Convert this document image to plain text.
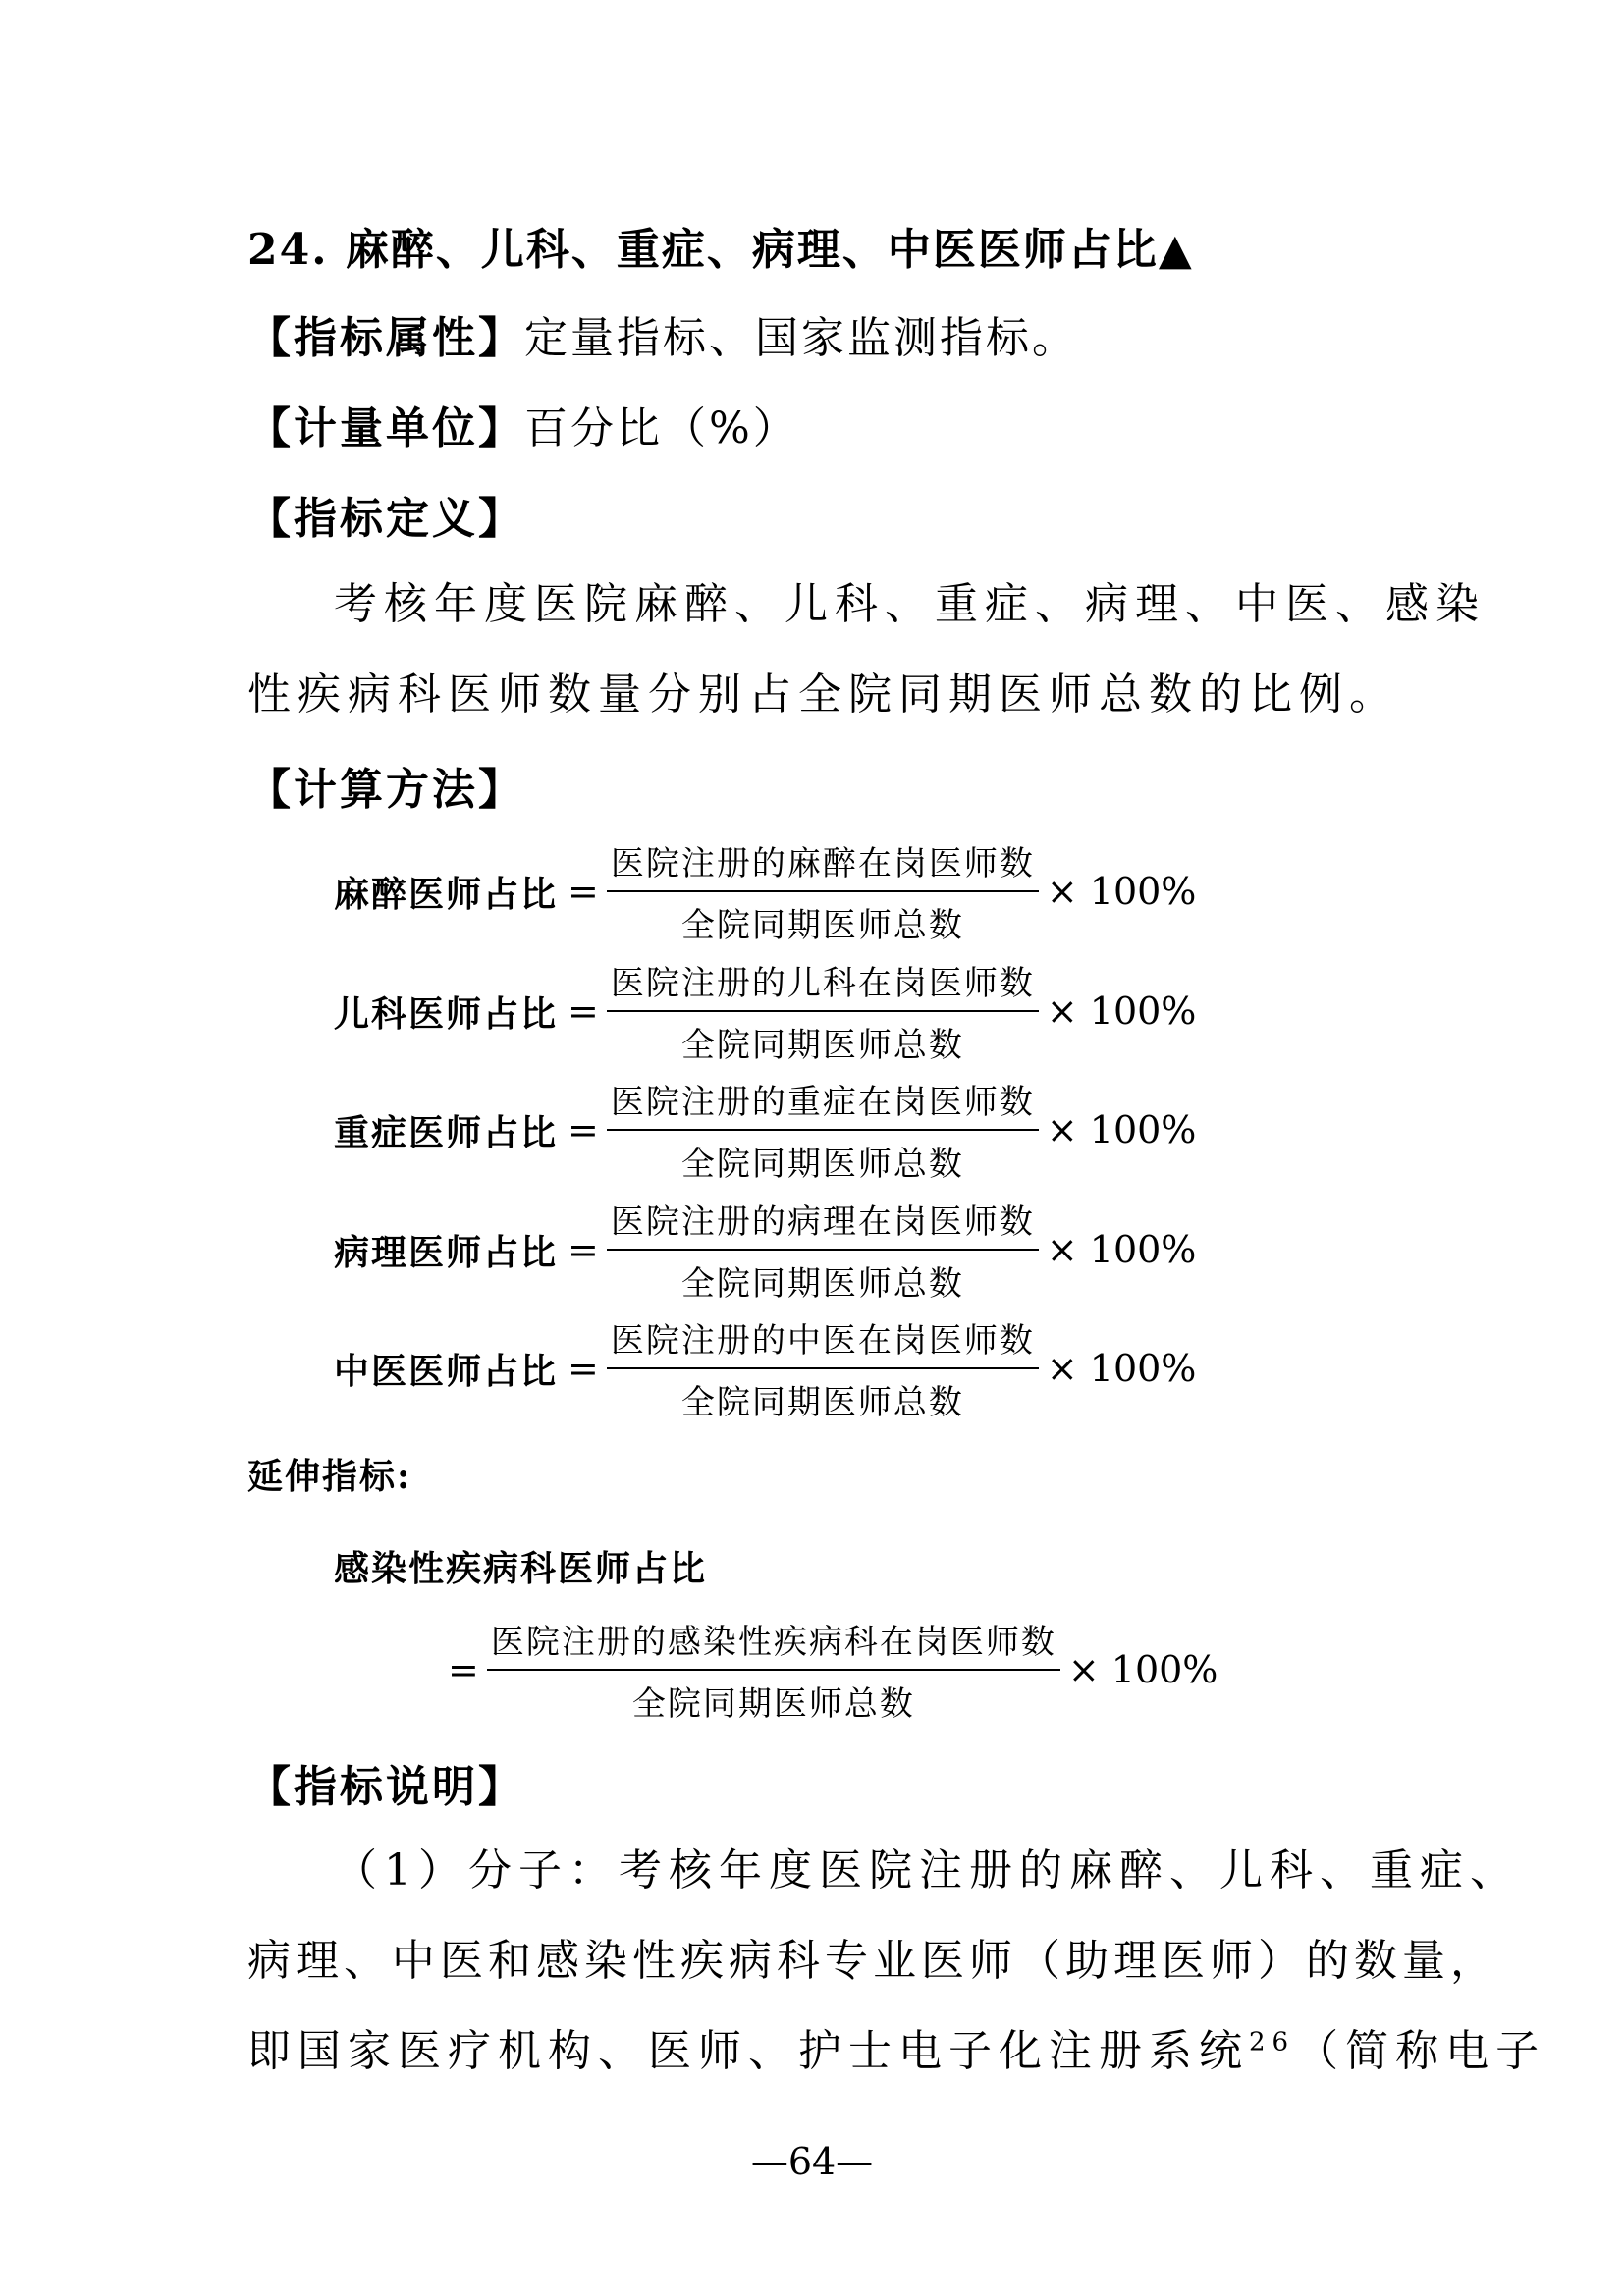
24. 麻醉、儿科、重症、病理、中医医师占比▲
【指标属性】定量指标、国家监测指标。
【计量单位】百分比（%）
【指标定义】

考核年度医院麻醉、儿科、重症、病理、中医、感染

性疾病科医师数量分别占全院同期医师总数的比例。

【计算方法】
麻醉医师占比 = $\frac{\text{医院注册的麻醉在岗医师数}}{\text{全院同期医师总数}} \times 100\%$
儿科医师占比 = $\frac{\text{医院注册的儿科在岗医师数}}{\text{全院同期医师总数}} \times 100\%$
重症医师占比 = $\frac{\text{医院注册的重症在岗医师数}}{\text{全院同期医师总数}} \times 100\%$
病理医师占比 = $\frac{\text{医院注册的病理在岗医师数}}{\text{全院同期医师总数}} \times 100\%$
中医医师占比 = $\frac{\text{医院注册的中医在岗医师数}}{\text{全院同期医师总数}} \times 100\%$
延伸指标:
感染性疾病科医师占比
= $\frac{\text{医院注册的感染性疾病科在岗医师数}}{\text{全院同期医师总数}} \times 100\%$
【指标说明】

（1）分子：考核年度医院注册的麻醉、儿科、重症、

病理、中医和感染性疾病科专业医师（助理医师）的数量，

即国家医疗机构、医师、护士电子化注册系统$^{26}$（简称电子

—64—
